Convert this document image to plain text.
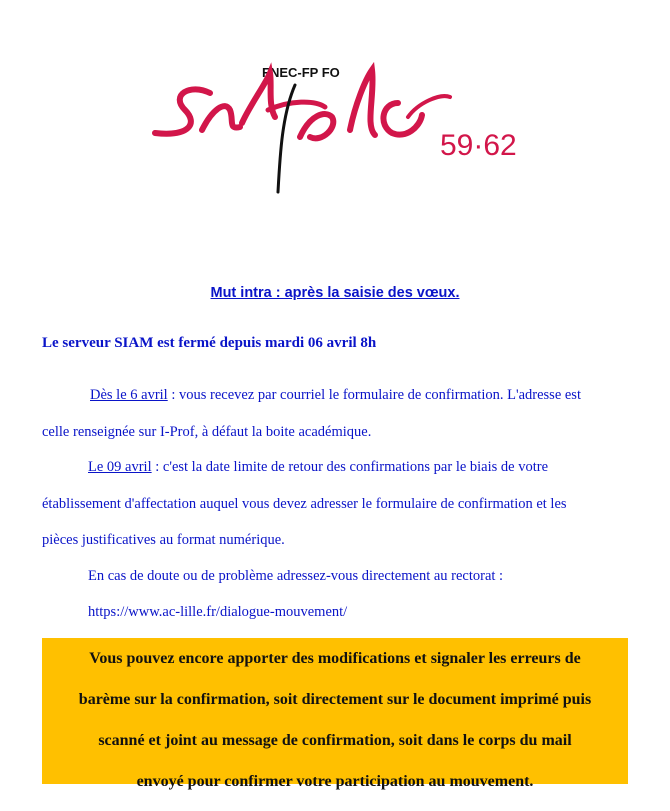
FNEC-FP FO
59·62
Mut intra : après la saisie des vœux.
Le serveur SIAM est fermé depuis mardi 06 avril 8h
Dès le 6 avril : vous recevez par courriel le formulaire de confirmation. L'adresse est
celle renseignée sur I-Prof, à défaut la boite académique.
Le 09 avril : c'est la date limite de retour des confirmations par le biais de votre
établissement d'affectation auquel vous devez adresser le formulaire de confirmation et les
pièces justificatives au format numérique.
En cas de doute ou de problème adressez-vous directement au rectorat :
https://www.ac-lille.fr/dialogue-mouvement/
Vous pouvez encore apporter des modifications et signaler les erreurs de
barème sur la confirmation, soit directement sur le document imprimé puis
scanné et joint au message de confirmation, soit dans le corps du mail
envoyé pour confirmer votre participation au mouvement.
